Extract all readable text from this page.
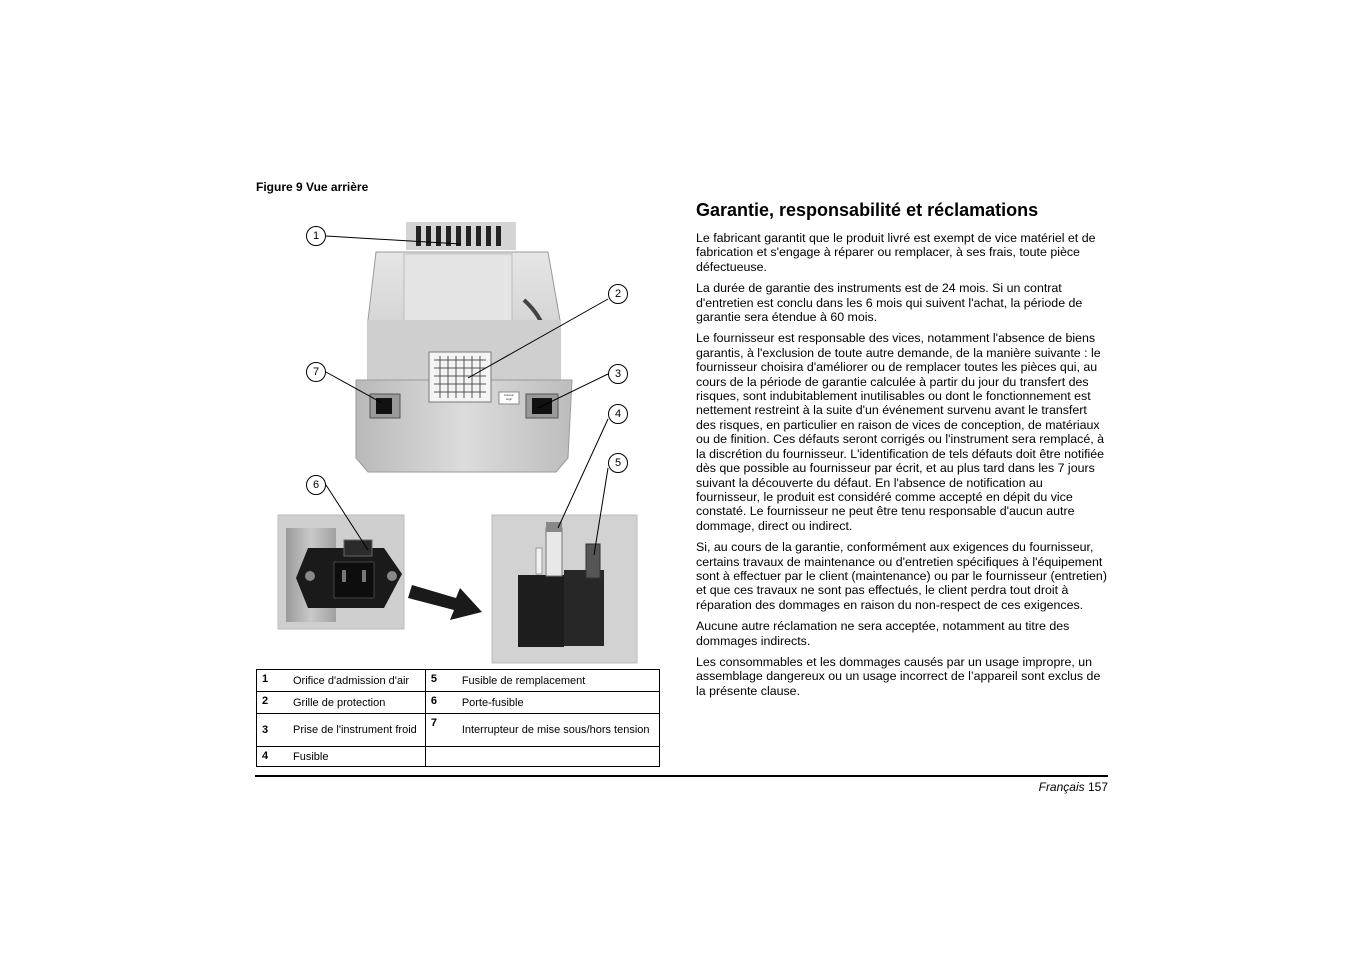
Figure 9 Vue arrière
1
2
3
4
5
6
7
Caution
High
1	Orifice d'admission d'air	5	Fusible de remplacement
2	Grille de protection	6	Porte-fusible
3	Prise de l'instrument froid	7	Interrupteur de mise sous/hors tension
4	Fusible		
Garantie, responsabilité et réclamations

Le fabricant garantit que le produit livré est exempt de vice matériel et de fabrication et s'engage à réparer ou remplacer, à ses frais, toute pièce défectueuse.

La durée de garantie des instruments est de 24 mois. Si un contrat d'entretien est conclu dans les 6 mois qui suivent l'achat, la période de garantie sera étendue à 60 mois.

Le fournisseur est responsable des vices, notamment l'absence de biens garantis, à l'exclusion de toute autre demande, de la manière suivante : le fournisseur choisira d'améliorer ou de remplacer toutes les pièces qui, au cours de la période de garantie calculée à partir du jour du transfert des risques, sont indubitablement inutilisables ou dont le fonctionnement est nettement restreint à la suite d'un événement survenu avant le transfert des risques, en particulier en raison de vices de conception, de matériaux ou de finition. Ces défauts seront corrigés ou l'instrument sera remplacé, à la discrétion du fournisseur. L'identification de tels défauts doit être notifiée dès que possible au fournisseur par écrit, et au plus tard dans les 7 jours suivant la découverte du défaut. En l'absence de notification au fournisseur, le produit est considéré comme accepté en dépit du vice constaté. Le fournisseur ne peut être tenu responsable d'aucun autre dommage, direct ou indirect.

Si, au cours de la garantie, conformément aux exigences du fournisseur, certains travaux de maintenance ou d'entretien spécifiques à l'équipement sont à effectuer par le client (maintenance) ou par le fournisseur (entretien) et que ces travaux ne sont pas effectués, le client perdra tout droit à réparation des dommages en raison du non-respect de ces exigences.

Aucune autre réclamation ne sera acceptée, notamment au titre des dommages indirects.

Les consommables et les dommages causés par un usage impropre, un assemblage dangereux ou un usage incorrect de l’appareil sont exclus de la présente clause.

Français 157
